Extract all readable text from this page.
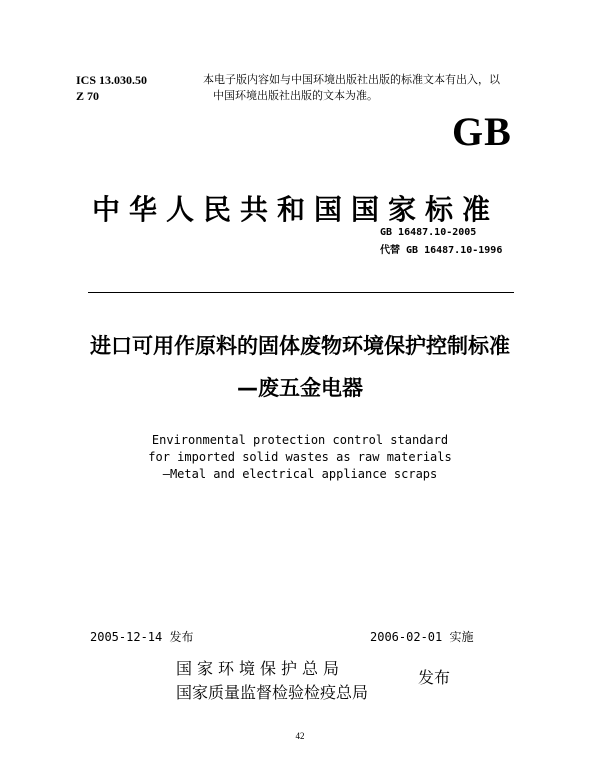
ICS 13.030.50
Z 70
本电子版内容如与中国环境出版社出版的标准文本有出入，以
中国环境出版社出版的文本为准。
GB
中华人民共和国国家标准
GB 16487.10-2005
代替 GB 16487.10-1996
进口可用作原料的固体废物环境保护控制标准
—废五金电器
Environmental protection control standard
for imported solid wastes as raw materials
—Metal and electrical appliance scraps
2005-12-14 发布	2006-02-01 实施
国家环境保护总局
国家质量监督检验检疫总局
发布
42
